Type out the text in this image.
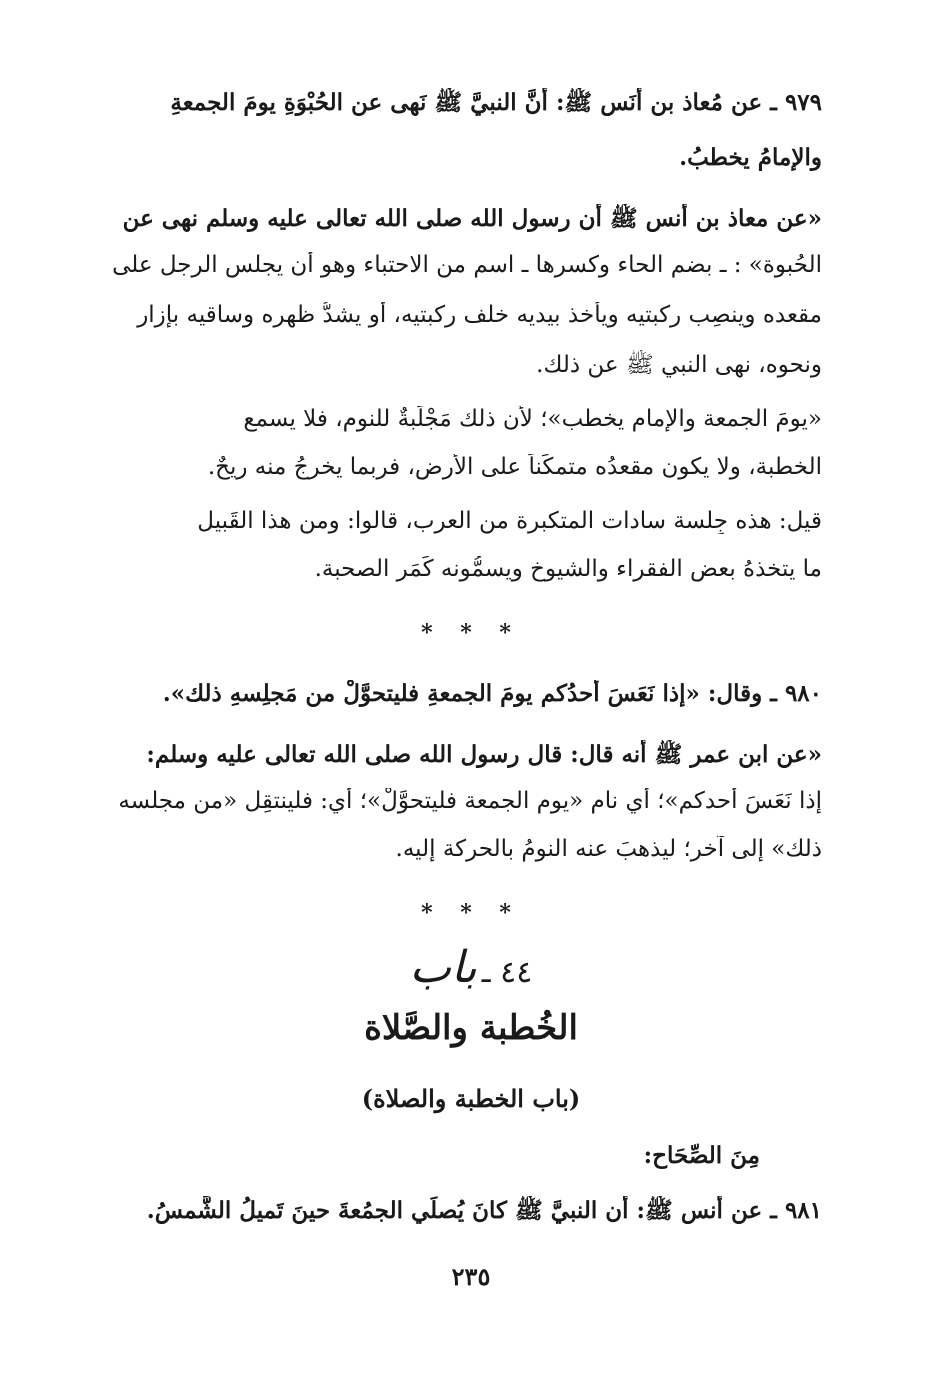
٩٧٩ ـ عن مُعاذ بن أنَس ﷺ: أنَّ النبيَّ ﷺ نَهى عن الحُبْوَةِ يومَ الجمعةِ
والإمامُ يخطبُ.
«عن معاذ بن أنس ﷺ أن رسول الله صلى الله تعالى عليه وسلم نهى عن
الحُبوة» : ـ بضم الحاء وكسرها ـ اسم من الاحتباء وهو أن يجلس الرجل على
مقعده وينصِب ركبتيه ويأخذ بيديه خلف ركبتيه، أو يشدُّ ظهره وساقيه بإزار
ونحوه، نهى النبي ﷺ عن ذلك.
«يومَ الجمعة والإمام يخطب»؛ لأن ذلك مَجْلَبةٌ للنوم، فلا يسمع
الخطبة، ولا يكون مقعدُه متمكِّناً على الأرض، فربما يخرجُ منه ريحٌ.
قيل: هذه جِلسة سادات المتكبرة من العرب، قالوا: ومن هذا القَبيل
ما يتخذهُ بعض الفقراء والشيوخ ويسمُّونه كَمَر الصحبة.
* * *
٩٨٠ ـ وقال: «إذا نَعَسَ أحدُكم يومَ الجمعةِ فليتحوَّلْ من مَجلِسهِ ذلك».
«عن ابن عمر ﷺ أنه قال: قال رسول الله صلى الله تعالى عليه وسلم:
إذا نَعَسَ أحدكم»؛ أي نام «يوم الجمعة فليتحوَّلْ»؛ أي: فلينتقِل «من مجلسه
ذلك» إلى آخر؛ ليذهبَ عنه النومُ بالحركة إليه.
* * *
٤٤ ـ باب
الخُطبة والصَّلاة
(باب الخطبة والصلاة)
مِنَ الصِّحَاحِ:
٩٨١ ـ عن أنس ﷺ: أن النبيَّ ﷺ كانَ يُصلِّي الجمُعةَ حينَ تَميلُ الشَّمسُ.
٢٣٥
